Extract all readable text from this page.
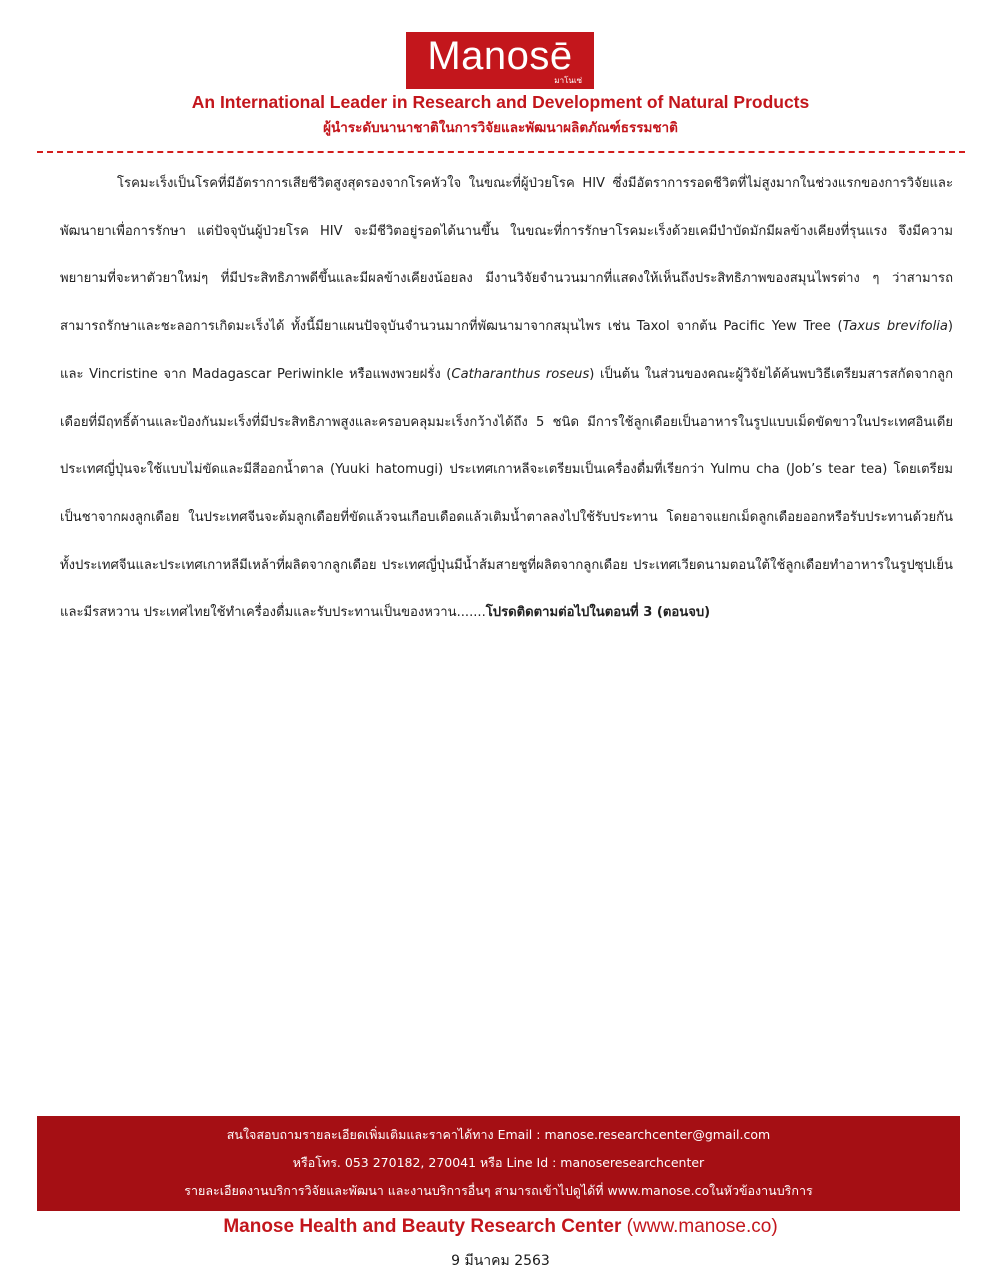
Manosē
มาโนเซ่
An International Leader in Research and Development of Natural Products
ผู้นำระดับนานาชาติในการวิจัยและพัฒนาผลิตภัณฑ์ธรรมชาติ

โรคมะเร็งเป็นโรคที่มีอัตราการเสียชีวิตสูงสุดรองจากโรคหัวใจ ในขณะที่ผู้ป่วยโรค HIV ซึ่งมีอัตราการรอดชีวิตที่ไม่สูงมากในช่วงแรกของการวิจัยและพัฒนายาเพื่อการรักษา แต่ปัจจุบันผู้ป่วยโรค HIV จะมีชีวิตอยู่รอดได้นานขึ้น ในขณะที่การรักษาโรคมะเร็งด้วยเคมีบำบัดมักมีผลข้างเคียงที่รุนแรง จึงมีความพยายามที่จะหาตัวยาใหม่ๆ ที่มีประสิทธิภาพดีขึ้นและมีผลข้างเคียงน้อยลง มีงานวิจัยจำนวนมากที่แสดงให้เห็นถึงประสิทธิภาพของสมุนไพรต่าง ๆ ว่าสามารถสามารถรักษาและชะลอการเกิดมะเร็งได้ ทั้งนี้มียาแผนปัจจุบันจำนวนมากที่พัฒนามาจากสมุนไพร เช่น Taxol จากต้น Pacific Yew Tree (Taxus brevifolia) และ Vincristine จาก Madagascar Periwinkle หรือแพงพวยฝรั่ง (Catharanthus roseus) เป็นต้น ในส่วนของคณะผู้วิจัยได้ค้นพบวิธีเตรียมสารสกัดจากลูกเดือยที่มีฤทธิ์ต้านและป้องกันมะเร็งที่มีประสิทธิภาพสูงและครอบคลุมมะเร็งกว้างได้ถึง 5 ชนิด มีการใช้ลูกเดือยเป็นอาหารในรูปแบบเม็ดขัดขาวในประเทศอินเดีย ประเทศญี่ปุ่นจะใช้แบบไม่ขัดและมีสีออกน้ำตาล (Yuuki hatomugi) ประเทศเกาหลีจะเตรียมเป็นเครื่องดื่มที่เรียกว่า Yulmu cha (Job’s tear tea) โดยเตรียมเป็นชาจากผงลูกเดือย ในประเทศจีนจะต้มลูกเดือยที่ขัดแล้วจนเกือบเดือดแล้วเติมน้ำตาลลงไปใช้รับประทาน โดยอาจแยกเม็ดลูกเดือยออกหรือรับประทานด้วยกัน ทั้งประเทศจีนและประเทศเกาหลีมีเหล้าที่ผลิตจากลูกเดือย ประเทศญี่ปุ่นมีน้ำส้มสายชูที่ผลิตจากลูกเดือย ประเทศเวียดนามตอนใต้ใช้ลูกเดือยทำอาหารในรูปซุปเย็นและมีรสหวาน ประเทศไทยใช้ทำเครื่องดื่มและรับประทานเป็นของหวาน.......โปรดติดตามต่อไปในตอนที่ 3 (ตอนจบ)

สนใจสอบถามรายละเอียดเพิ่มเติมและราคาได้ทาง Email : manose.researchcenter@gmail.com
หรือโทร. 053 270182, 270041 หรือ Line Id : manoseresearchcenter
รายละเอียดงานบริการวิจัยและพัฒนา และงานบริการอื่นๆ สามารถเข้าไปดูได้ที่ www.manose.coในหัวข้องานบริการ
Manose Health and Beauty Research Center (www.manose.co)
9 มีนาคม 2563
